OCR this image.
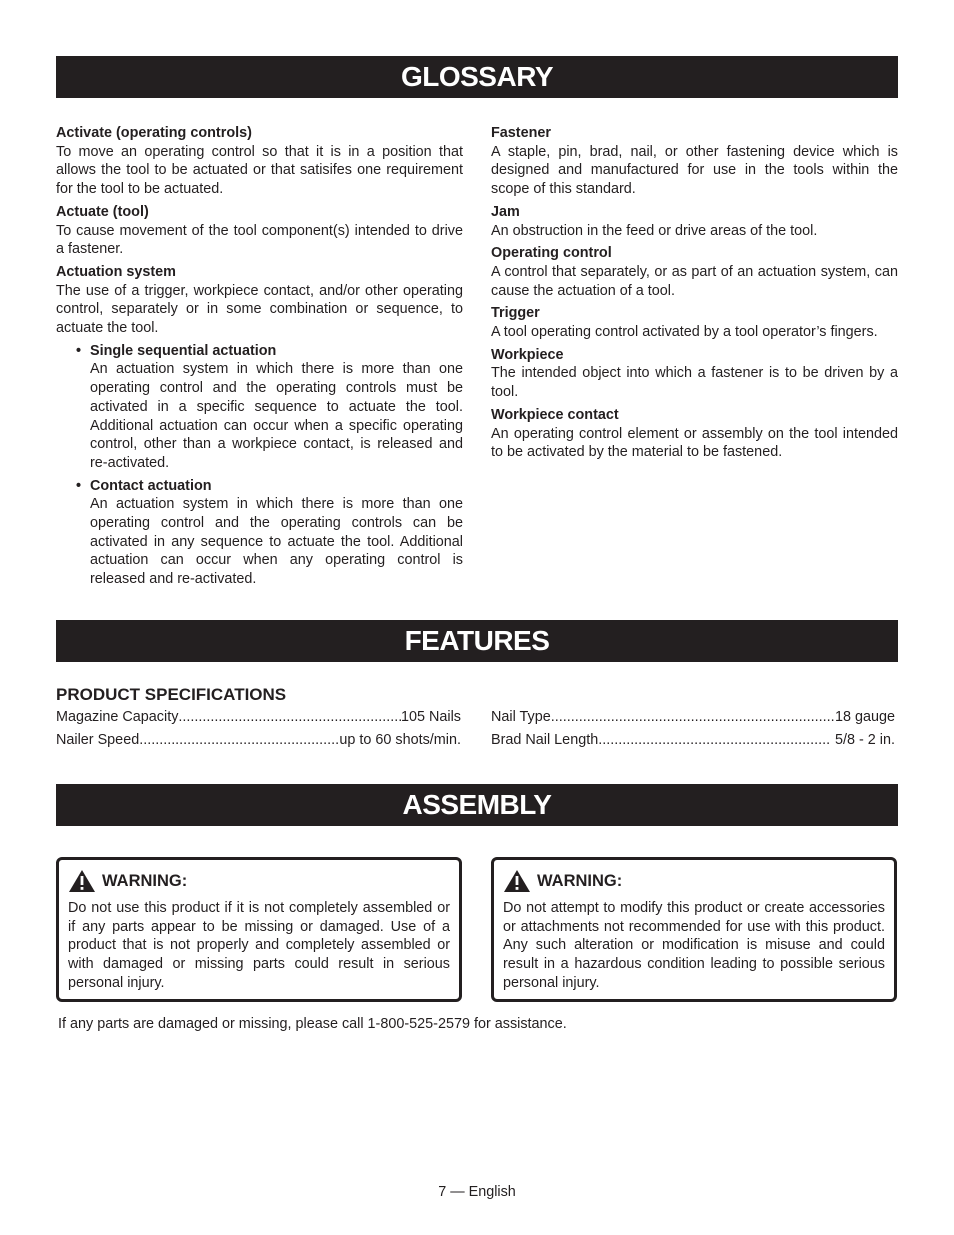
GLOSSARY
Activate (operating controls)
To move an operating control so that it is in a position that allows the tool to be actuated or that satisifes one requirement for the tool to be actuated.
Actuate (tool)
To cause movement of the tool component(s) intended to drive a fastener.
Actuation system
The use of a trigger, workpiece contact, and/or other operating control, separately or in some combination or sequence, to actuate the tool.
• Single sequential actuation
An actuation system in which there is more than one operating control and the operating controls must be activated in a specific sequence to actuate the tool. Additional actuation can occur when a specific operating control, other than a workpiece contact, is released and re-activated.
• Contact actuation
An actuation system in which there is more than one operating control and the operating controls can be activated in any sequence to actuate the tool. Additional actuation can occur when any operating control is released and re-activated.
Fastener
A staple, pin, brad, nail, or other fastening device which is designed and manufactured for use in the tools within the scope of this standard.
Jam
An obstruction in the feed or drive areas of the tool.
Operating control
A control that separately, or as part of an actuation system, can cause the actuation of a tool.
Trigger
A tool operating control activated by a tool operator’s fingers.
Workpiece
The intended object into which a fastener is to be driven by a tool.
Workpiece contact
An operating control element or assembly on the tool intended to be activated by the material to be fastened.
FEATURES
PRODUCT SPECIFICATIONS
Magazine Capacity .....	105 Nails
Nailer Speed .....	up to 60 shots/min.
Nail Type .....	18 gauge
Brad Nail Length .....	5/8 - 2 in.
ASSEMBLY
WARNING:
Do not use this product if it is not completely assembled or if any parts appear to be missing or damaged. Use of a product that is not properly and completely assembled or with damaged or missing parts could result in serious personal injury.
WARNING:
Do not attempt to modify this product or create accessories or attachments not recommended for use with this product. Any such alteration or modification is misuse and could result in a hazardous condition leading to possible serious personal injury.
If any parts are damaged or missing, please call 1-800-525-2579 for assistance.
7 — English
